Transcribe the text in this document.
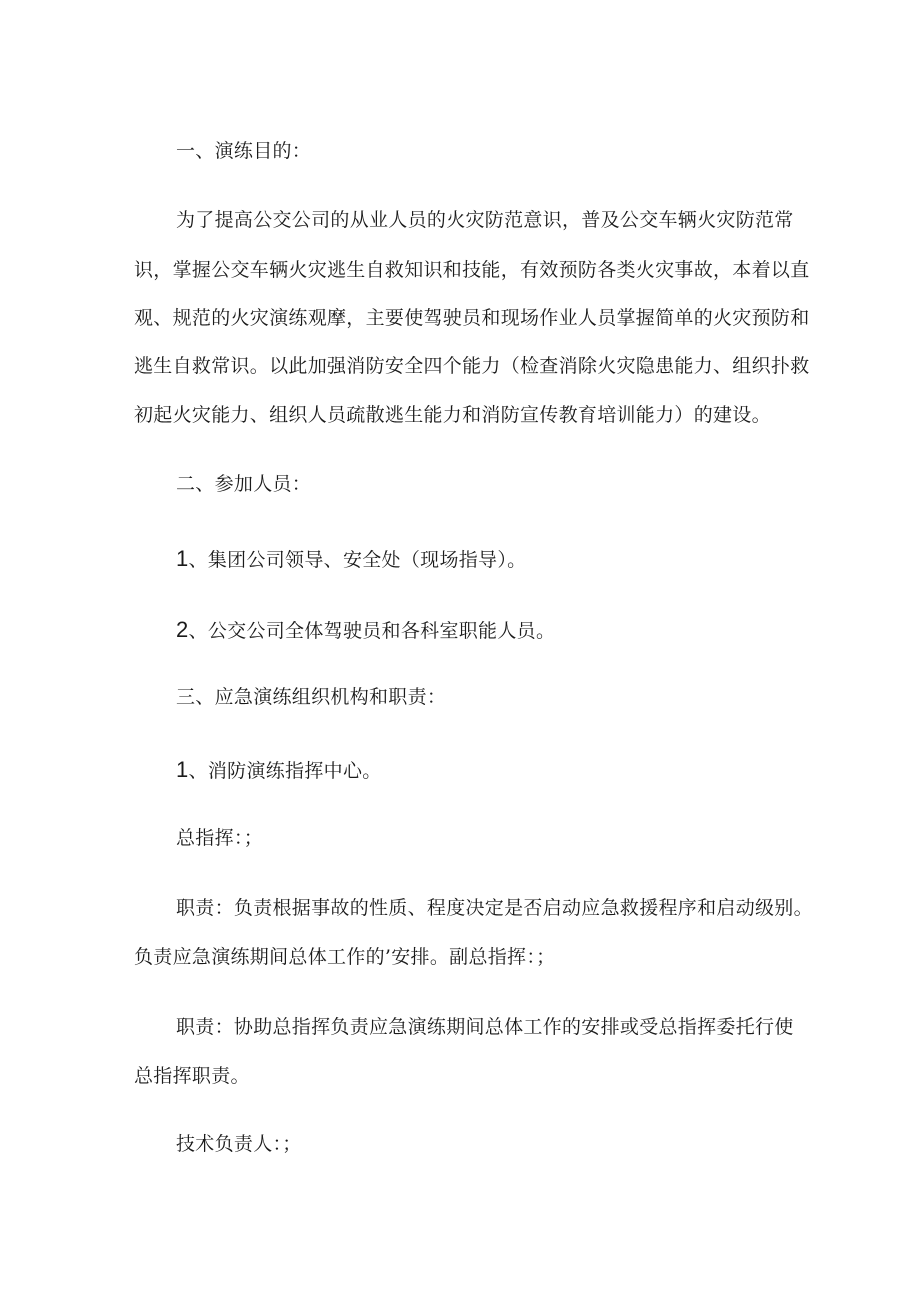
一、演练目的：
为了提高公交公司的从业人员的火灾防范意识，普及公交车辆火灾防范常
识，掌握公交车辆火灾逃生自救知识和技能，有效预防各类火灾事故，本着以直
观、规范的火灾演练观摩，主要使驾驶员和现场作业人员掌握简单的火灾预防和
逃生自救常识。以此加强消防安全四个能力（检查消除火灾隐患能力、组织扑救
初起火灾能力、组织人员疏散逃生能力和消防宣传教育培训能力）的建设。
二、参加人员：
1、集团公司领导、安全处（现场指导）。
2、公交公司全体驾驶员和各科室职能人员。
三、应急演练组织机构和职责：
1、消防演练指挥中心。
总指挥：；
职责：负责根据事故的性质、程度决定是否启动应急救援程序和启动级别。
负责应急演练期间总体工作的’安排。副总指挥：；
职责：协助总指挥负责应急演练期间总体工作的安排或受总指挥委托行使
总指挥职责。
技术负责人：；
